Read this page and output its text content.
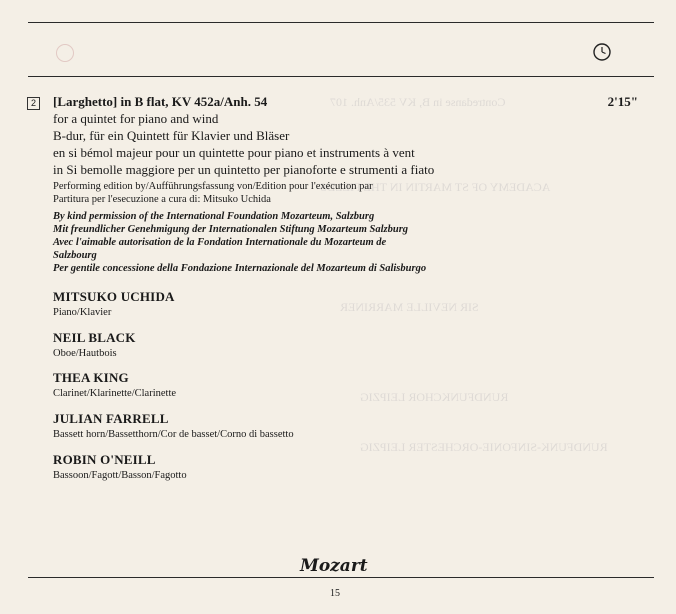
Contredanse in B, KV 535/Anh. 107
ACADEMY OF ST MARTIN IN THE FIELDS
SIR NEVILLE MARRINER
RUNDFUNKCHOR LEIPZIG
RUNDFUNK-SINFONIE-ORCHESTER LEIPZIG
2	[Larghetto] in B flat, KV 452a/Anh. 54	2'15"
for a quintet for piano and wind
B-dur, für ein Quintett für Klavier und Bläser
en si bémol majeur pour un quintette pour piano et instruments à vent
in Si bemolle maggiore per un quintetto per pianoforte e strumenti a fiato
Performing edition by/Aufführungsfassung von/Edition pour l'exécution par
Partitura per l'esecuzione a cura di: Mitsuko Uchida
By kind permission of the International Foundation Mozarteum, Salzburg
Mit freundlicher Genehmigung der Internationalen Stiftung Mozarteum Salzburg
Avec l'aimable autorisation de la Fondation Internationale du Mozarteum de
Salzbourg
Per gentile concessione della Fondazione Internazionale del Mozarteum di Salisburgo
MITSUKO UCHIDA
Piano/Klavier
NEIL BLACK
Oboe/Hautbois
THEA KING
Clarinet/Klarinette/Clarinette
JULIAN FARRELL
Bassett horn/Bassetthorn/Cor de basset/Corno di bassetto
ROBIN O'NEILL
Bassoon/Fagott/Basson/Fagotto
Mozart
15
